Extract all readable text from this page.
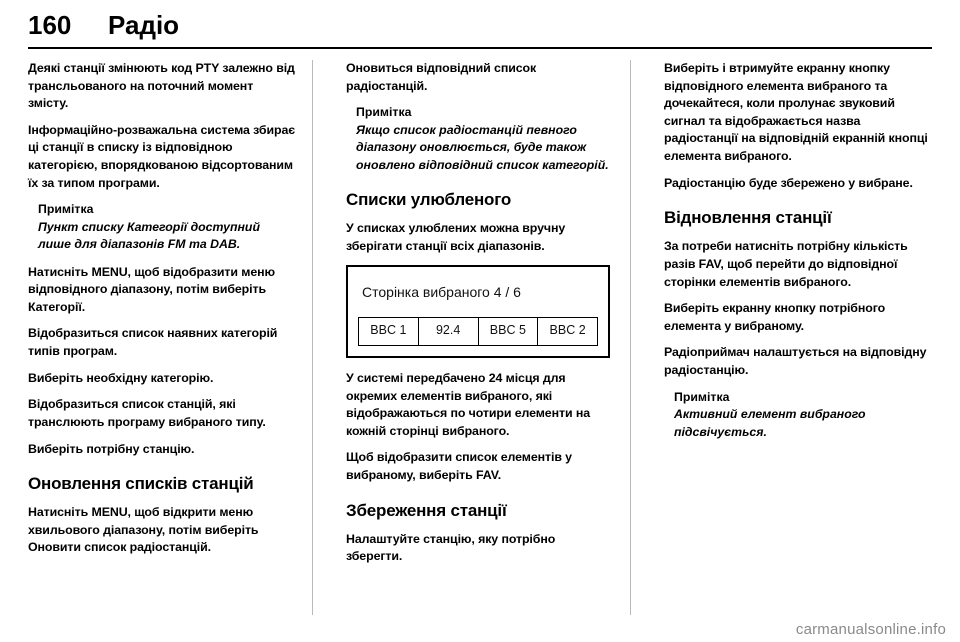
160 Радіо

Деякі станції змінюють код PTY залежно від трансльованого на поточний момент змісту.

Інформаційно-розважальна система збирає ці станції в списку із відповідною категорією, впорядкованою відсортованим їх за типом програми.

Примітка
Пункт списку Категорії доступний лише для діапазонів FM та DAB.

Натисніть MENU, щоб відобразити меню відповідного діапазону, потім виберіть Категорії.

Відобразиться список наявних категорій типів програм.

Виберіть необхідну категорію.

Відобразиться список станцій, які транслюють програму вибраного типу.

Виберіть потрібну станцію.

Оновлення списків станцій

Натисніть MENU, щоб відкрити меню хвильового діапазону, потім виберіть Оновити список радіостанцій.

Оновиться відповідний список радіостанцій.

Примітка
Якщо список радіостанцій певного діапазону оновлюється, буде також оновлено відповідний список категорій.
Списки улюбленого

У списках улюблених можна вручну зберігати станції всіх діапазонів.

Сторінка вибраного 4 / 6
BBC 1	92.4	BBC 5	BBC 2

У системі передбачено 24 місця для окремих елементів вибраного, які відображаються по чотири елементи на кожній сторінці вибраного.

Щоб відобразити список елементів у вибраному, виберіть FAV.

Збереження станції

Налаштуйте станцію, яку потрібно зберегти.

Виберіть і втримуйте екранну кнопку відповідного елемента вибраного та дочекайтеся, коли пролунає звуковий сигнал та відображається назва радіостанції на відповідній екранній кнопці елемента вибраного.

Радіостанцію буде збережено у вибране.

Відновлення станції

За потреби натисніть потрібну кількість разів FAV, щоб перейти до відповідної сторінки елементів вибраного.

Виберіть екранну кнопку потрібного елемента у вибраному.

Радіоприймач налаштується на відповідну радіостанцію.

Примітка
Активний елемент вибраного підсвічується.
carmanualsonline.info
